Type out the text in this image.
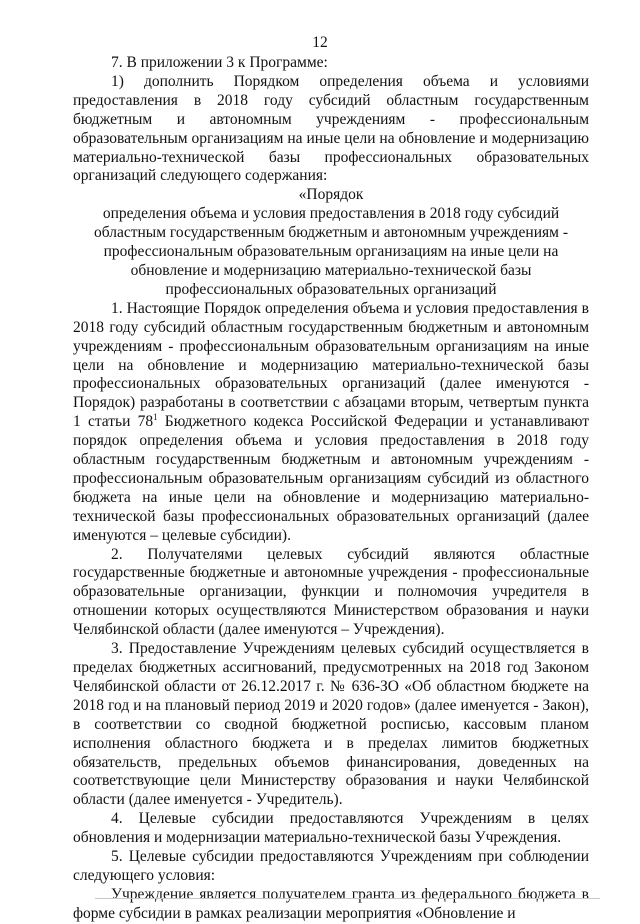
12

7. В приложении 3 к Программе:

1) дополнить Порядком определения объема и условиями предоставления в 2018 году субсидий областным государственным бюджетным и автономным учреждениям - профессиональным образовательным организациям на иные цели на обновление и модернизацию материально-технической базы профессиональных образовательных организаций следующего содержания:

«Порядок

определения объема и условия предоставления в 2018 году субсидий областным государственным бюджетным и автономным учреждениям - профессиональным образовательным организациям на иные цели на обновление и модернизацию материально-технической базы профессиональных образовательных организаций

1. Настоящие Порядок определения объема и условия предоставления в 2018 году субсидий областным государственным бюджетным и автономным учреждениям - профессиональным образовательным организациям на иные цели на обновление и модернизацию материально-технической базы профессиональных образовательных организаций (далее именуются - Порядок) разработаны в соответствии с абзацами вторым, четвертым пункта 1 статьи $78^1$ Бюджетного кодекса Российской Федерации и устанавливают порядок определения объема и условия предоставления в 2018 году областным государственным бюджетным и автономным учреждениям - профессиональным образовательным организациям субсидий из областного бюджета на иные цели на обновление и модернизацию материально-технической базы профессиональных образовательных организаций (далее именуются – целевые субсидии).

2. Получателями целевых субсидий являются областные государственные бюджетные и автономные учреждения - профессиональные образовательные организации, функции и полномочия учредителя в отношении которых осуществляются Министерством образования и науки Челябинской области (далее именуются – Учреждения).

3. Предоставление Учреждениям целевых субсидий осуществляется в пределах бюджетных ассигнований, предусмотренных на 2018 год Законом Челябинской области от 26.12.2017 г. № 636-ЗО «Об областном бюджете на 2018 год и на плановый период 2019 и 2020 годов» (далее именуется - Закон), в соответствии со сводной бюджетной росписью, кассовым планом исполнения областного бюджета и в пределах лимитов бюджетных обязательств, предельных объемов финансирования, доведенных на соответствующие цели Министерству образования и науки Челябинской области (далее именуется - Учредитель).

4. Целевые субсидии предоставляются Учреждениям в целях обновления и модернизации материально-технической базы Учреждения.

5. Целевые субсидии предоставляются Учреждениям при соблюдении следующего условия:

Учреждение является получателем гранта из федерального бюджета в форме субсидии в рамках реализации мероприятия «Обновление и
